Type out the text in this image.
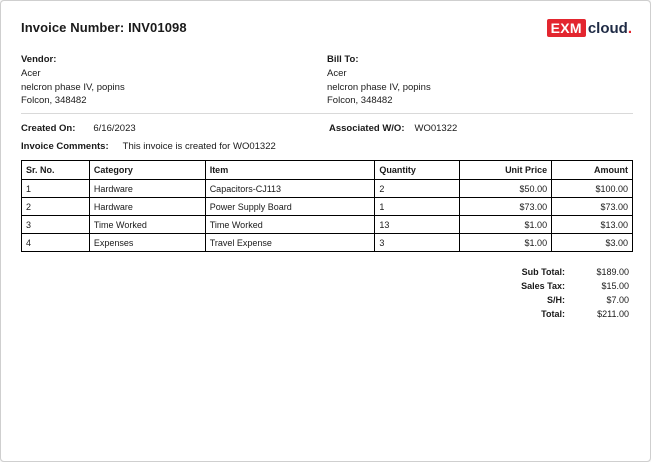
Invoice Number: INV01098	EXM cloud .
Vendor:
Acer
nelcron phase IV, popins
Folcon, 348482
Bill To:
Acer
nelcron phase IV, popins
Folcon, 348482
Created On: 6/16/2023	Associated W/O: WO01322
Invoice Comments: This invoice is created for WO01322
Sr. No.	Category	Item	Quantity	Unit Price	Amount
1	Hardware	Capacitors-CJ113	2	$50.00	$100.00
2	Hardware	Power Supply Board	1	$73.00	$73.00
3	Time Worked	Time Worked	13	$1.00	$13.00
4	Expenses	Travel Expense	3	$1.00	$3.00
Sub Total:	$189.00
Sales Tax:	$15.00
S/H:	$7.00
Total:	$211.00
